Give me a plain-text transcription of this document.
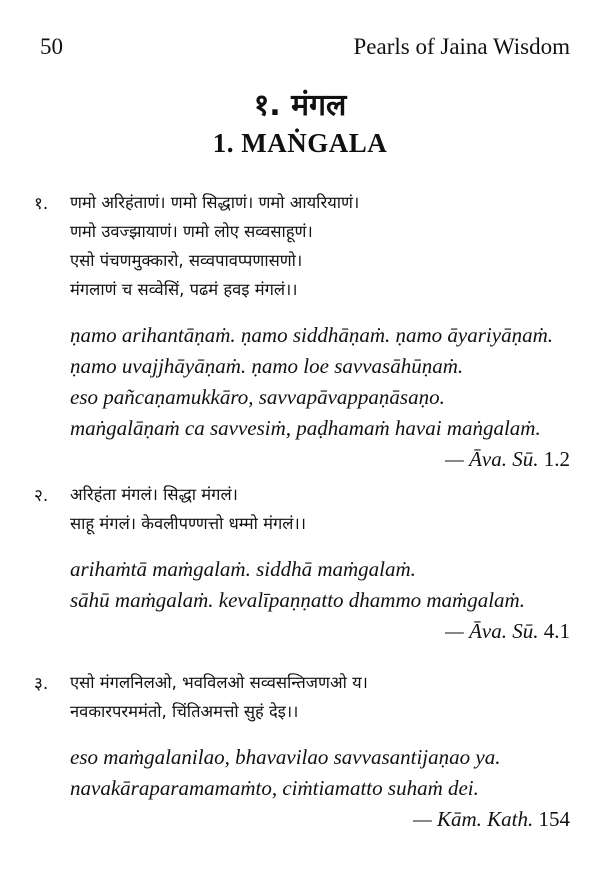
50	Pearls of Jaina Wisdom
१. मंगल
1. MAṄGALA
१. णमो अरिहंताणं। णमो सिद्धाणं। णमो आयरियाणं।
णमो उवज्झायाणं। णमो लोए सव्वसाहूणं।
एसो पंचणमुक्कारो, सव्वपावप्पणासणो।
मंगलाणं च सव्वेसिं, पढमं हवइ मंगलं।।
ṇamo arihantāṇaṁ. ṇamo siddhāṇaṁ. ṇamo āyariyāṇaṁ.
ṇamo uvajjhāyāṇaṁ. ṇamo loe savvasāhūṇaṁ.
eso pañcaṇamukkāro, savvapāvappaṇāsaṇo.
maṅgalāṇaṁ ca savvesiṁ, paḍhamaṁ havai maṅgalaṁ.
— Āva. Sū. 1.2
२. अरिहंता मंगलं। सिद्धा मंगलं।
साहू मंगलं। केवलीपण्णत्तो धम्मो मंगलं।।
arihaṁtā maṁgalaṁ. siddhā maṁgalaṁ.
sāhū maṁgalaṁ. kevalīpaṇṇatto dhammo maṁgalaṁ.
— Āva. Sū. 4.1
३. एसो मंगलनिलओ, भवविलओ सव्वसन्तिजणओ य।
नवकारपरममंतो, चिंतिअमत्तो सुहं देइ।।
eso maṁgalanilao, bhavavilao savvasantijaṇao ya.
navakāraparamamaṁto, ciṁtiamatto suhaṁ dei.
— Kām. Kath. 154
